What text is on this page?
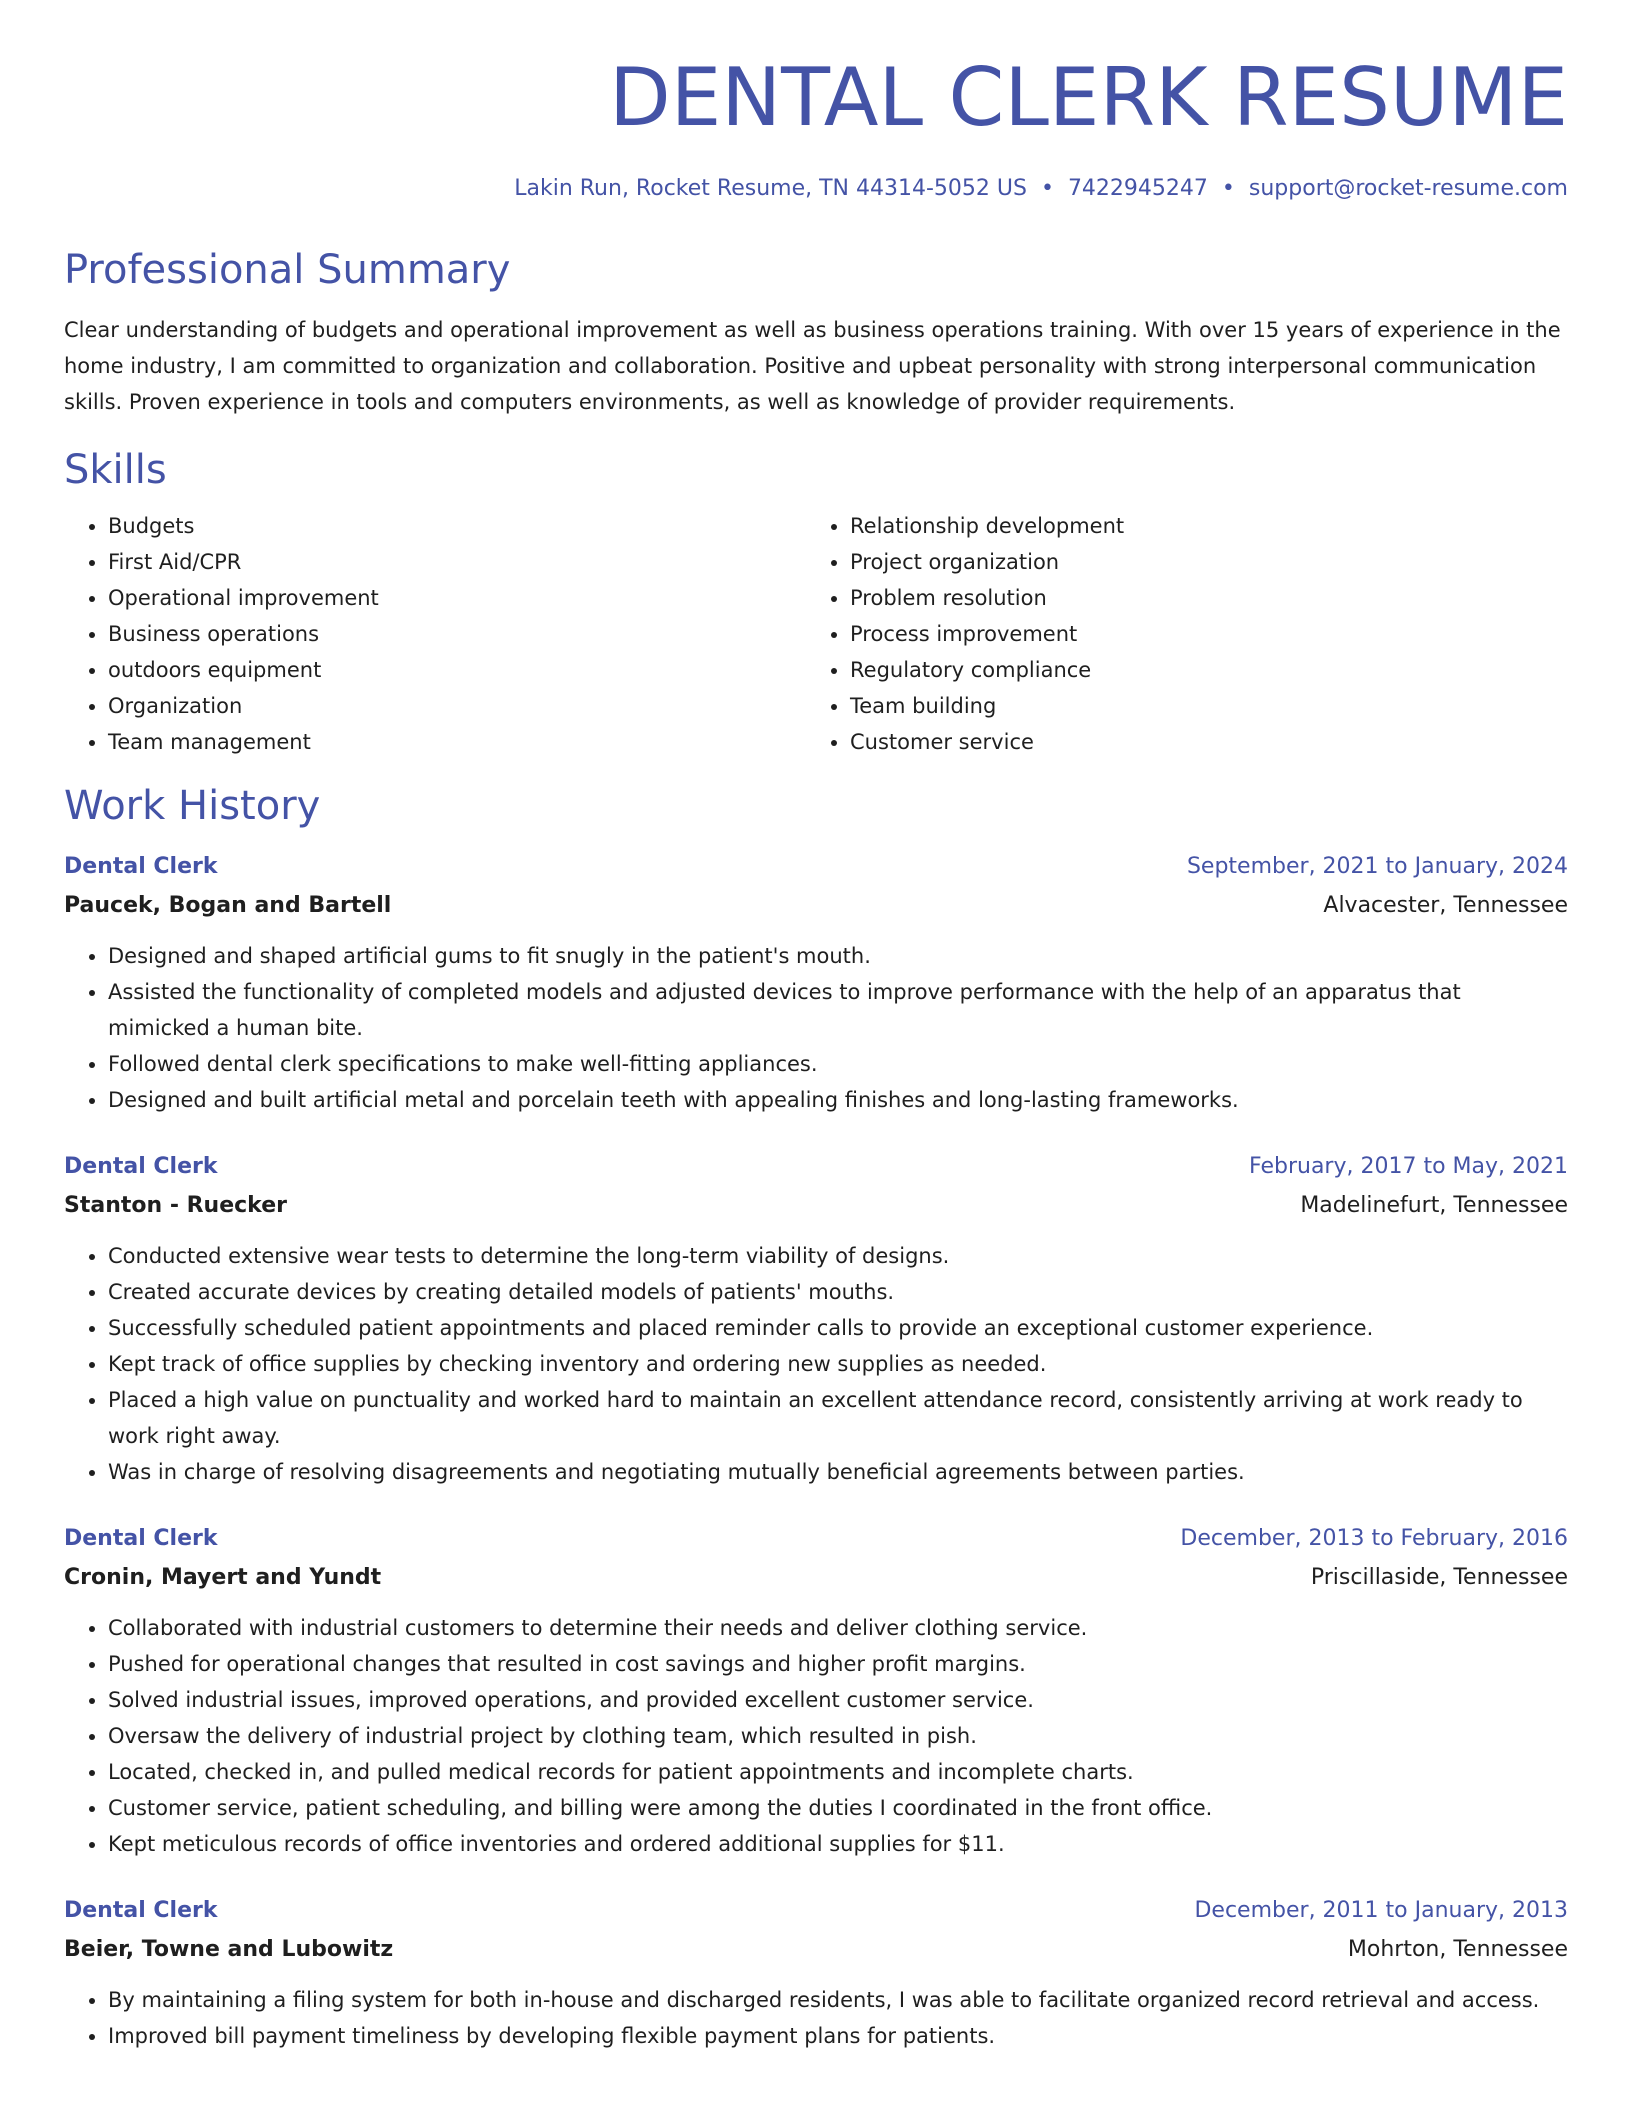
DENTAL CLERK RESUME
Lakin Run, Rocket Resume, TN 44314-5052 US • 7422945247 • support@rocket-resume.com
Professional Summary

Clear understanding of budgets and operational improvement as well as business operations training. With over 15 years of experience in the home industry, I am committed to organization and collaboration. Positive and upbeat personality with strong interpersonal communication skills. Proven experience in tools and computers environments, as well as knowledge of provider requirements.

Skills
• Budgets
• First Aid/CPR
• Operational improvement
• Business operations
• outdoors equipment
• Organization
• Team management
• Relationship development
• Project organization
• Problem resolution
• Process improvement
• Regulatory compliance
• Team building
• Customer service
Work History
Dental Clerk	September, 2021 to January, 2024
Paucek, Bogan and Bartell	Alvacester, Tennessee
• Designed and shaped artificial gums to fit snugly in the patient's mouth.
• Assisted the functionality of completed models and adjusted devices to improve performance with the help of an apparatus that mimicked a human bite.
• Followed dental clerk specifications to make well-fitting appliances.
• Designed and built artificial metal and porcelain teeth with appealing finishes and long-lasting frameworks.
Dental Clerk	February, 2017 to May, 2021
Stanton - Ruecker	Madelinefurt, Tennessee
• Conducted extensive wear tests to determine the long-term viability of designs.
• Created accurate devices by creating detailed models of patients' mouths.
• Successfully scheduled patient appointments and placed reminder calls to provide an exceptional customer experience.
• Kept track of office supplies by checking inventory and ordering new supplies as needed.
• Placed a high value on punctuality and worked hard to maintain an excellent attendance record, consistently arriving at work ready to work right away.
• Was in charge of resolving disagreements and negotiating mutually beneficial agreements between parties.
Dental Clerk	December, 2013 to February, 2016
Cronin, Mayert and Yundt	Priscillaside, Tennessee
• Collaborated with industrial customers to determine their needs and deliver clothing service.
• Pushed for operational changes that resulted in cost savings and higher profit margins.
• Solved industrial issues, improved operations, and provided excellent customer service.
• Oversaw the delivery of industrial project by clothing team, which resulted in pish.
• Located, checked in, and pulled medical records for patient appointments and incomplete charts.
• Customer service, patient scheduling, and billing were among the duties I coordinated in the front office.
• Kept meticulous records of office inventories and ordered additional supplies for $11.
Dental Clerk	December, 2011 to January, 2013
Beier, Towne and Lubowitz	Mohrton, Tennessee
• By maintaining a filing system for both in-house and discharged residents, I was able to facilitate organized record retrieval and access.
• Improved bill payment timeliness by developing flexible payment plans for patients.
